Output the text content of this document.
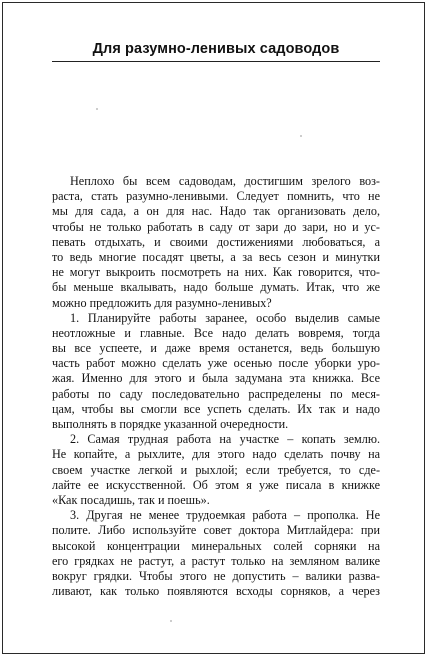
Для разумно-ленивых садоводов
Неплохо бы всем садоводам, достигшим зрелого воз-
раста, стать разумно-ленивыми. Следует помнить, что не
мы для сада, а он для нас. Надо так организовать дело,
чтобы не только работать в саду от зари до зари, но и ус-
певать отдыхать, и своими достижениями любоваться, а
то ведь многие посадят цветы, а за весь сезон и минутки
не могут выкроить посмотреть на них. Как говорится, что-
бы меньше вкалывать, надо больше думать. Итак, что же
можно предложить для разумно-ленивых?
1. Планируйте работы заранее, особо выделив самые
неотложные и главные. Все надо делать вовремя, тогда
вы все успеете, и даже время останется, ведь большую
часть работ можно сделать уже осенью после уборки уро-
жая. Именно для этого и была задумана эта книжка. Все
работы по саду последовательно распределены по меся-
цам, чтобы вы смогли все успеть сделать. Их так и надо
выполнять в порядке указанной очередности.
2. Самая трудная работа на участке – копать землю.
Не копайте, а рыхлите, для этого надо сделать почву на
своем участке легкой и рыхлой; если требуется, то сде-
лайте ее искусственной. Об этом я уже писала в книжке
«Как посадишь, так и поешь».
3. Другая не менее трудоемкая работа – прополка. Не
полите. Либо используйте совет доктора Митлайдера: при
высокой концентрации минеральных солей сорняки на
его грядках не растут, а растут только на земляном валике
вокруг грядки. Чтобы этого не допустить – валики разва-
ливают, как только появляются всходы сорняков, а через
